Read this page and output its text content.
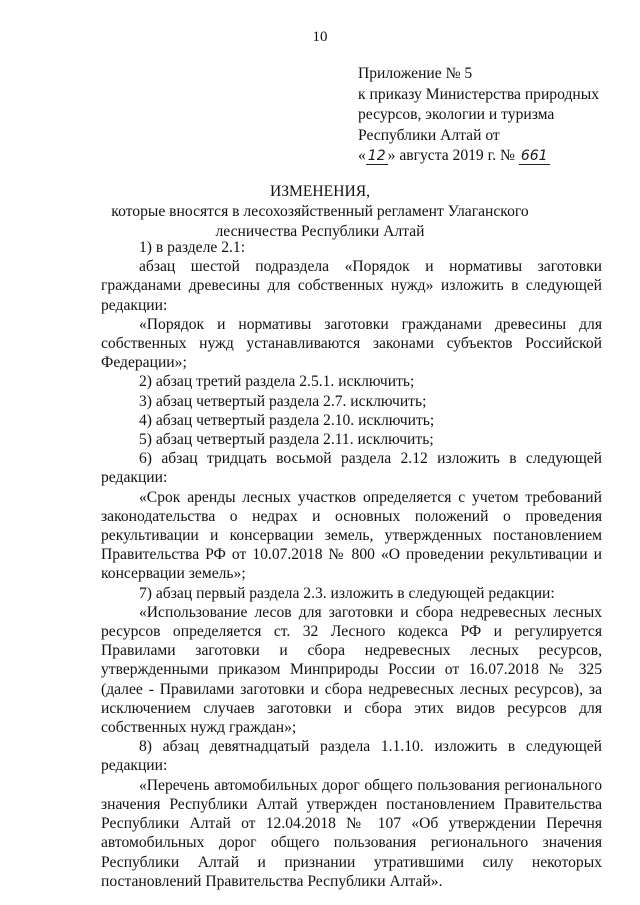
10
Приложение № 5
к приказу Министерства природных
ресурсов, экологии и туризма
Республики Алтай от
« 12 » августа 2019 г. № 661
ИЗМЕНЕНИЯ,
которые вносятся в лесохозяйственный регламент Улаганского
лесничества Республики Алтай

1) в разделе 2.1:

абзац шестой подраздела «Порядок и нормативы заготовки гражданами древесины для собственных нужд» изложить в следующей редакции:

«Порядок и нормативы заготовки гражданами древесины для собственных нужд устанавливаются законами субъектов Российской Федерации»;

2) абзац третий раздела 2.5.1. исключить;

3) абзац четвертый раздела 2.7. исключить;

4) абзац четвертый раздела 2.10. исключить;

5) абзац четвертый раздела 2.11. исключить;

6) абзац тридцать восьмой раздела 2.12 изложить в следующей редакции:

«Срок аренды лесных участков определяется с учетом требований законодательства о недрах и основных положений о проведения рекультивации и консервации земель, утвержденных постановлением Правительства РФ от 10.07.2018 № 800 «О проведении рекультивации и консервации земель»;

7) абзац первый раздела 2.3. изложить в следующей редакции:

«Использование лесов для заготовки и сбора недревесных лесных ресурсов определяется ст. 32 Лесного кодекса РФ и регулируется Правилами заготовки и сбора недревесных лесных ресурсов, утвержденными приказом Минприроды России от 16.07.2018 № 325 (далее - Правилами заготовки и сбора недревесных лесных ресурсов), за исключением случаев заготовки и сбора этих видов ресурсов для собственных нужд граждан»;

8) абзац девятнадцатый раздела 1.1.10. изложить в следующей редакции:

«Перечень автомобильных дорог общего пользования регионального значения Республики Алтай утвержден постановлением Правительства Республики Алтай от 12.04.2018 № 107 «Об утверждении Перечня автомобильных дорог общего пользования регионального значения Республики Алтай и признании утратившими силу некоторых постановлений Правительства Республики Алтай».
